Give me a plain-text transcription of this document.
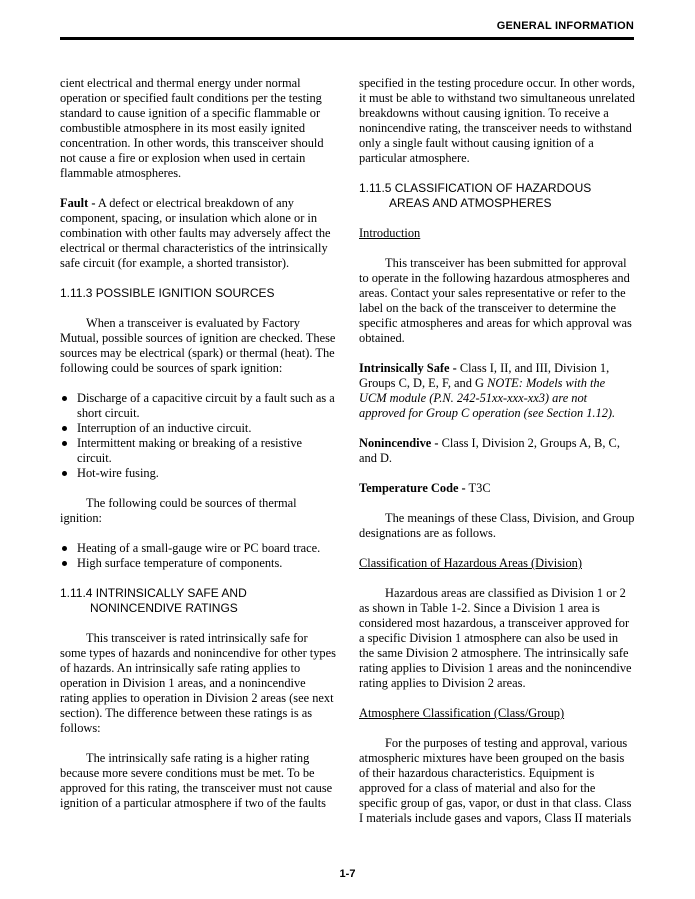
GENERAL INFORMATION

cient electrical and thermal energy under normal operation or specified fault conditions per the testing standard to cause ignition of a specific flammable or combustible atmosphere in its most easily ignited concentration. In other words, this transceiver should not cause a fire or explosion when used in certain flammable atmospheres.

Fault - A defect or electrical breakdown of any component, spacing, or insulation which alone or in combination with other faults may adversely affect the electrical or thermal characteristics of the intrinsically safe circuit (for example, a shorted transistor).

1.11.3 POSSIBLE IGNITION SOURCES

When a transceiver is evaluated by Factory Mutual, possible sources of ignition are checked. These sources may be electrical (spark) or thermal (heat). The following could be sources of spark ignition:

Discharge of a capacitive circuit by a fault such as a short circuit.
Interruption of an inductive circuit.
Intermittent making or breaking of a resistive circuit.
Hot-wire fusing.

The following could be sources of thermal ignition:

Heating of a small-gauge wire or PC board trace.
High surface temperature of components.
1.11.4 INTRINSICALLY SAFE AND
NONINCENDIVE RATINGS

This transceiver is rated intrinsically safe for some types of hazards and nonincendive for other types of hazards. An intrinsically safe rating applies to operation in Division 1 areas, and a nonincendive rating applies to operation in Division 2 areas (see next section). The difference between these ratings is as follows:

The intrinsically safe rating is a higher rating because more severe conditions must be met. To be approved for this rating, the transceiver must not cause ignition of a particular atmosphere if two of the faults

specified in the testing procedure occur. In other words, it must be able to withstand two simultaneous unrelated breakdowns without causing ignition. To receive a nonincendive rating, the transceiver needs to withstand only a single fault without causing ignition of a particular atmosphere.

1.11.5 CLASSIFICATION OF HAZARDOUS
AREAS AND ATMOSPHERES
Introduction

This transceiver has been submitted for approval to operate in the following hazardous atmospheres and areas. Contact your sales representative or refer to the label on the back of the transceiver to determine the specific atmospheres and areas for which approval was obtained.

Intrinsically Safe - Class I, II, and III, Division 1, Groups C, D, E, F, and G NOTE: Models with the UCM module (P.N. 242-51xx-xxx-xx3) are not approved for Group C operation (see Section 1.12).

Nonincendive - Class I, Division 2, Groups A, B, C, and D.

Temperature Code - T3C

The meanings of these Class, Division, and Group designations are as follows.

Classification of Hazardous Areas (Division)

Hazardous areas are classified as Division 1 or 2 as shown in Table 1-2. Since a Division 1 area is considered most hazardous, a transceiver approved for a specific Division 1 atmosphere can also be used in the same Division 2 atmosphere. The intrinsically safe rating applies to Division 1 areas and the nonincendive rating applies to Division 2 areas.

Atmosphere Classification (Class/Group)

For the purposes of testing and approval, various atmospheric mixtures have been grouped on the basis of their hazardous characteristics. Equipment is approved for a class of material and also for the specific group of gas, vapor, or dust in that class. Class I materials include gases and vapors, Class II materials

1-7
